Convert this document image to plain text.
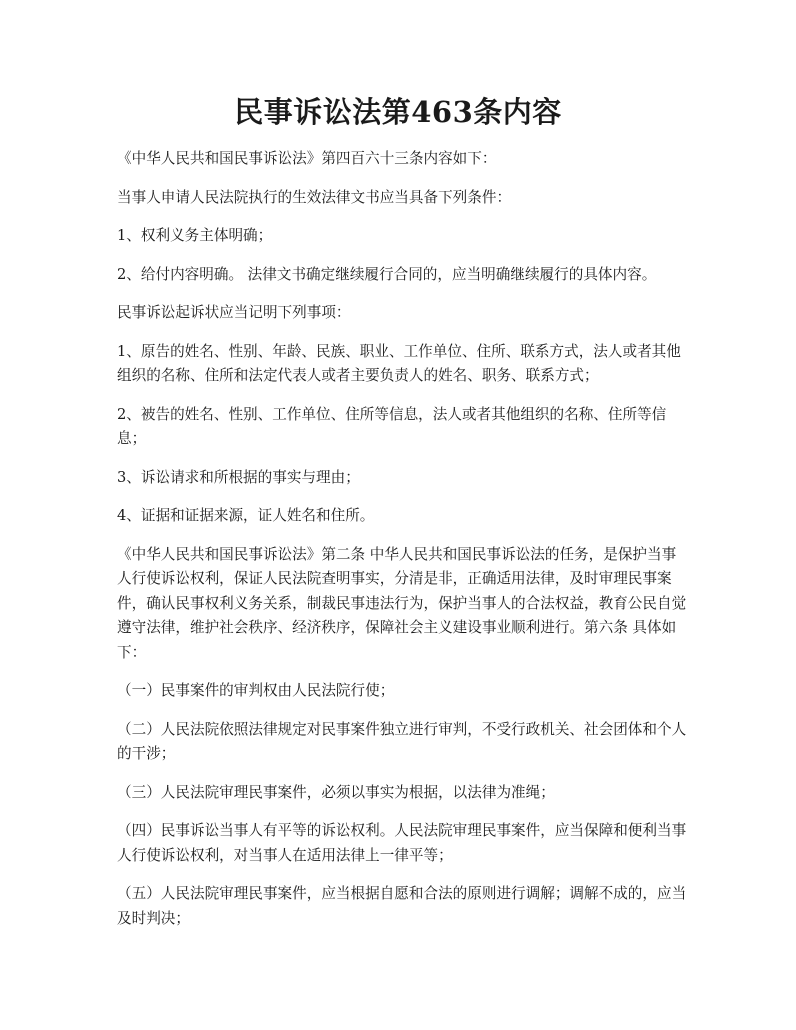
民事诉讼法第463条内容

《中华人民共和国民事诉讼法》第四百六十三条内容如下：

当事人申请人民法院执行的生效法律文书应当具备下列条件：

1、权利义务主体明确；

2、给付内容明确。 法律文书确定继续履行合同的，应当明确继续履行的具体内容。

民事诉讼起诉状应当记明下列事项：

1、原告的姓名、性别、年龄、民族、职业、工作单位、住所、联系方式，法人或者其他组织的名称、住所和法定代表人或者主要负责人的姓名、职务、联系方式；

2、被告的姓名、性别、工作单位、住所等信息，法人或者其他组织的名称、住所等信息；

3、诉讼请求和所根据的事实与理由；

4、证据和证据来源，证人姓名和住所。

《中华人民共和国民事诉讼法》第二条 中华人民共和国民事诉讼法的任务，是保护当事人行使诉讼权利，保证人民法院查明事实，分清是非，正确适用法律，及时审理民事案件，确认民事权利义务关系，制裁民事违法行为，保护当事人的合法权益，教育公民自觉遵守法律，维护社会秩序、经济秩序，保障社会主义建设事业顺利进行。第六条 具体如下：

（一）民事案件的审判权由人民法院行使；

（二）人民法院依照法律规定对民事案件独立进行审判，不受行政机关、社会团体和个人的干涉；

（三）人民法院审理民事案件，必须以事实为根据，以法律为准绳；

（四）民事诉讼当事人有平等的诉讼权利。人民法院审理民事案件，应当保障和便利当事人行使诉讼权利，对当事人在适用法律上一律平等；

（五）人民法院审理民事案件，应当根据自愿和合法的原则进行调解；调解不成的，应当及时判决；
